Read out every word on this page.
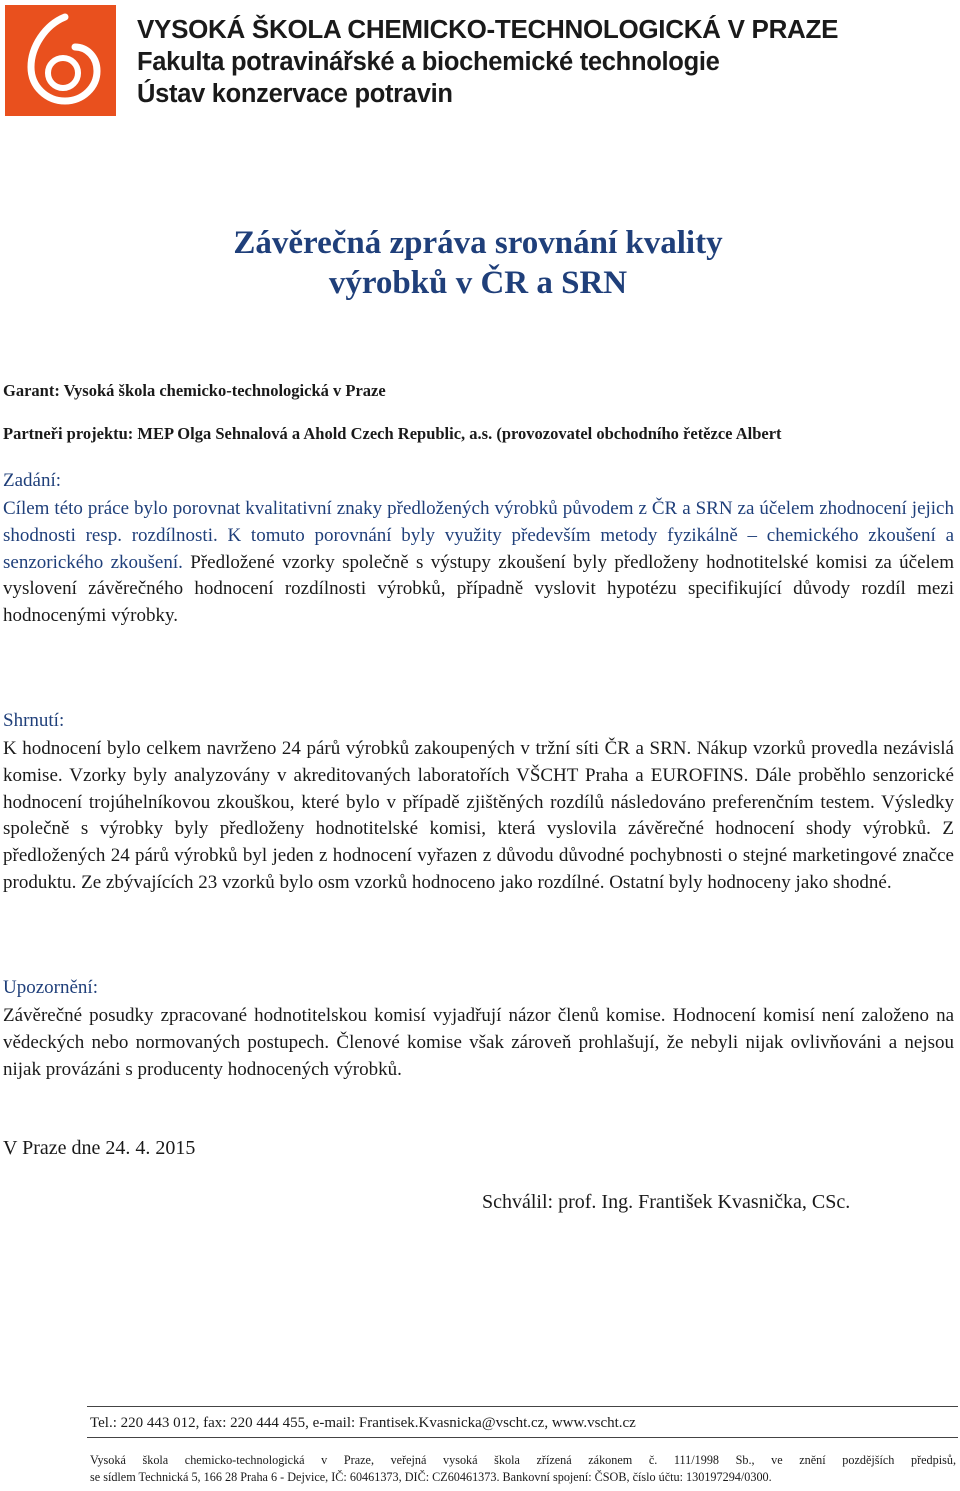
VYSOKÁ ŠKOLA CHEMICKO-TECHNOLOGICKÁ V PRAZE
Fakulta potravinářské a biochemické technologie
Ústav konzervace potravin
Závěrečná zpráva srovnání kvality
výrobků v ČR a SRN
Garant: Vysoká škola chemicko-technologická v Praze
Partneři projektu: MEP Olga Sehnalová a Ahold Czech Republic, a.s. (provozovatel obchodního řetězce Albert
Zadání:
Cílem této práce bylo porovnat kvalitativní znaky předložených výrobků původem z ČR a SRN za účelem zhodnocení jejich shodnosti resp. rozdílnosti. K tomuto porovnání byly využity především metody fyzikálně – chemického zkoušení a senzorického zkoušení. Předložené vzorky společně s výstupy zkoušení byly předloženy hodnotitelské komisi za účelem vyslovení závěrečného hodnocení rozdílnosti výrobků, případně vyslovit hypotézu specifikující důvody rozdíl mezi hodnocenými výrobky.
Shrnutí:
K hodnocení bylo celkem navrženo 24 párů výrobků zakoupených v tržní síti ČR a SRN. Nákup vzorků provedla nezávislá komise. Vzorky byly analyzovány v akreditovaných laboratořích VŠCHT Praha a EUROFINS. Dále proběhlo senzorické hodnocení trojúhelníkovou zkouškou, které bylo v případě zjištěných rozdílů následováno preferenčním testem. Výsledky společně s výrobky byly předloženy hodnotitelské komisi, která vyslovila závěrečné hodnocení shody výrobků. Z předložených 24 párů výrobků byl jeden z hodnocení vyřazen z důvodu důvodné pochybnosti o stejné marketingové značce produktu. Ze zbývajících 23 vzorků bylo osm vzorků hodnoceno jako rozdílné. Ostatní byly hodnoceny jako shodné.
Upozornění:
Závěrečné posudky zpracované hodnotitelskou komisí vyjadřují názor členů komise. Hodnocení komisí není založeno na vědeckých nebo normovaných postupech. Členové komise však zároveň prohlašují, že nebyli nijak ovlivňováni a nejsou nijak provázáni s producenty hodnocených výrobků.
V Praze dne 24. 4. 2015
Schválil: prof. Ing. František Kvasnička, CSc.
Tel.: 220 443 012, fax: 220 444 455, e-mail: Frantisek.Kvasnicka@vscht.cz, www.vscht.cz
Vysoká škola chemicko-technologická v Praze, veřejná vysoká škola zřízená zákonem č. 111/1998 Sb., ve znění pozdějších předpisů,
se sídlem Technická 5, 166 28 Praha 6 - Dejvice, IČ: 60461373, DIČ: CZ60461373. Bankovní spojení: ČSOB, číslo účtu: 130197294/0300.
